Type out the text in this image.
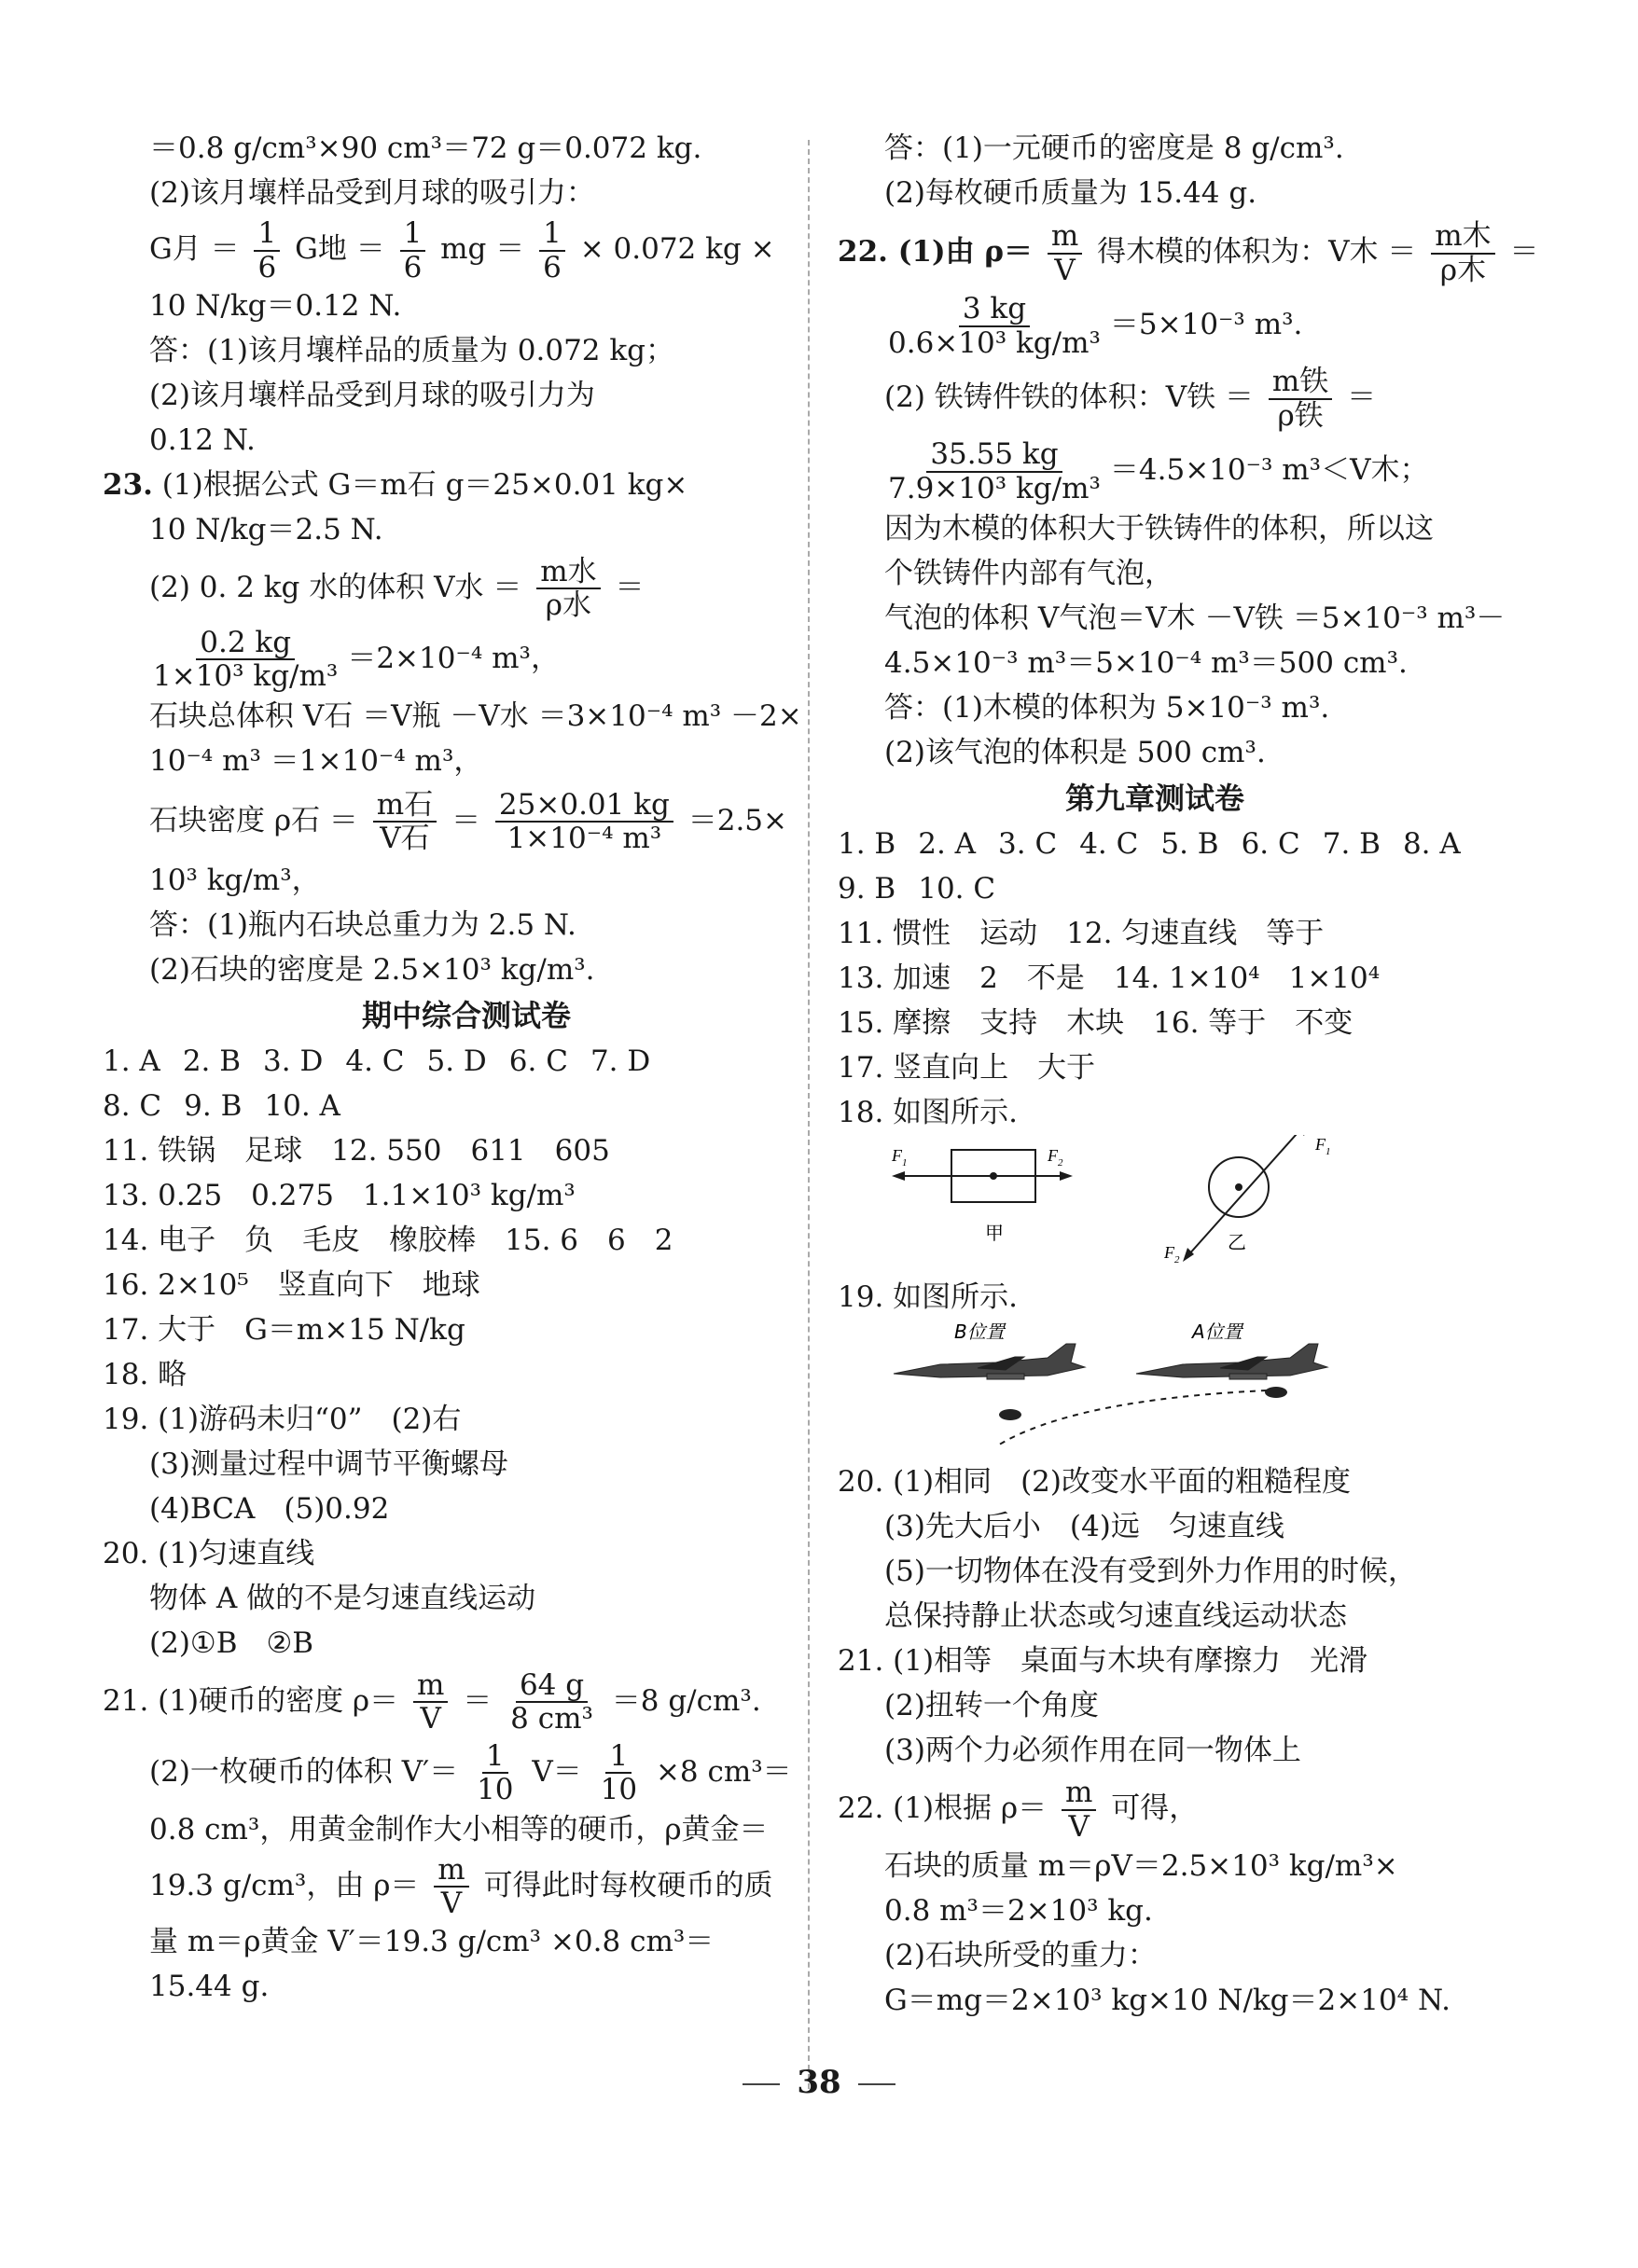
＝0.8 g/cm³×90 cm³＝72 g＝0.072 kg.
(2)该月壤样品受到月球的吸引力：
G月 ＝ $\frac{1}{6}$ G地 ＝ $\frac{1}{6}$ mg ＝ $\frac{1}{6} \times 0.072$ kg ×
10 N/kg＝0.12 N.
答：(1)该月壤样品的质量为 0.072 kg；
(2)该月壤样品受到月球的吸引力为
0.12 N.
23. (1)根据公式 G＝m石 g＝25×0.01 kg×
10 N/kg＝2.5 N.
(2) 0. 2 kg 水的体积 V水 ＝ $\frac{\text{m水}}{\text{ρ水}}$ ＝
$\frac{0.2 kg}{\text{1×10³ kg/m³}} =2\times 10^{-4}$ m³，
石块总体积 V石 ＝V瓶 －V水 ＝3×10⁻⁴ m³ －2×
10⁻⁴ m³ ＝1×10⁻⁴ m³，
石块密度 ρ石 ＝ $\frac{\text{m石}}{\text{V石}} = \frac{25\times 0.01 kg}{\text{1×10⁻⁴ m³}} =2.5\times$
10³ kg/m³，
答：(1)瓶内石块总重力为 2.5 N.
(2)石块的密度是 2.5×10³ kg/m³.
期中综合测试卷
1. A 2. B 3. D 4. C 5. D 6. C 7. D
8. C 9. B 10. A
11. 铁锅　足球　12. 550　611　605
13. 0.25　0.275　1.1×10³ kg/m³
14. 电子　负　毛皮　橡胶棒　15. 6　6　2
16. 2×10⁵　竖直向下　地球
17. 大于　G＝m×15 N/kg
18. 略
19. (1)游码未归“0”　(2)右
(3)测量过程中调节平衡螺母
(4)BCA　(5)0.92
20. (1)匀速直线
物体 A 做的不是匀速直线运动
(2)①B　②B
21. (1)硬币的密度 $\rho= \frac{m}{V} = \frac{64 g}{\text{8 cm³}} =8$ g/cm³.
(2)一枚硬币的体积 $V'= \frac{1}{10} V= \frac{1}{10} \times 8$ cm³＝
0.8 cm³，用黄金制作大小相等的硬币，ρ黄金＝
19.3 g/cm³，由 $\rho= \frac{m}{V}$ 可得此时每枚硬币的质
量 m＝ρ黄金 V′＝19.3 g/cm³ ×0.8 cm³＝
15.44 g.
答：(1)一元硬币的密度是 8 g/cm³.
(2)每枚硬币质量为 15.44 g.
22. (1)由 $\rho= \frac{m}{V}$ 得木模的体积为：V木 ＝ $\frac{\text{m木}}{\text{ρ木}}$ ＝
$\frac{3 kg}{\text{0.6×10³ kg/m³}} =5\times 10^{-3}$ m³.
(2) 铁铸件铁的体积：V铁 ＝ $\frac{\text{m铁}}{\text{ρ铁}}$ ＝
$\frac{35.55 kg}{\text{7.9×10³ kg/m³}} =4.5\times 10^{-3}$ m³＜V木；
因为木模的体积大于铁铸件的体积，所以这
个铁铸件内部有气泡，
气泡的体积 V气泡＝V木 －V铁 ＝5×10⁻³ m³－
4.5×10⁻³ m³＝5×10⁻⁴ m³＝500 cm³.
答：(1)木模的体积为 5×10⁻³ m³.
(2)该气泡的体积是 500 cm³.
第九章测试卷
1. B 2. A 3. C 4. C 5. B 6. C 7. B 8. A
9. B 10. C
11. 惯性　运动　12. 匀速直线　等于
13. 加速　2　不是　14. 1×10⁴　1×10⁴
15. 摩擦　支持　木块　16. 等于　不变
17. 竖直向上　大于
18. 如图所示.
$F_1$	$F_2$
甲
$F_1$
$F_2$
乙
19. 如图所示.
B位置	A位置
20. (1)相同　(2)改变水平面的粗糙程度
(3)先大后小　(4)远　匀速直线
(5)一切物体在没有受到外力作用的时候，
总保持静止状态或匀速直线运动状态
21. (1)相等　桌面与木块有摩擦力　光滑
(2)扭转一个角度
(3)两个力必须作用在同一物体上
22. (1)根据 $\rho= \frac{m}{V}$ 可得，
石块的质量 m＝ρV＝2.5×10³ kg/m³×
0.8 m³＝2×10³ kg.
(2)石块所受的重力：
G＝mg＝2×10³ kg×10 N/kg＝2×10⁴ N.
38
